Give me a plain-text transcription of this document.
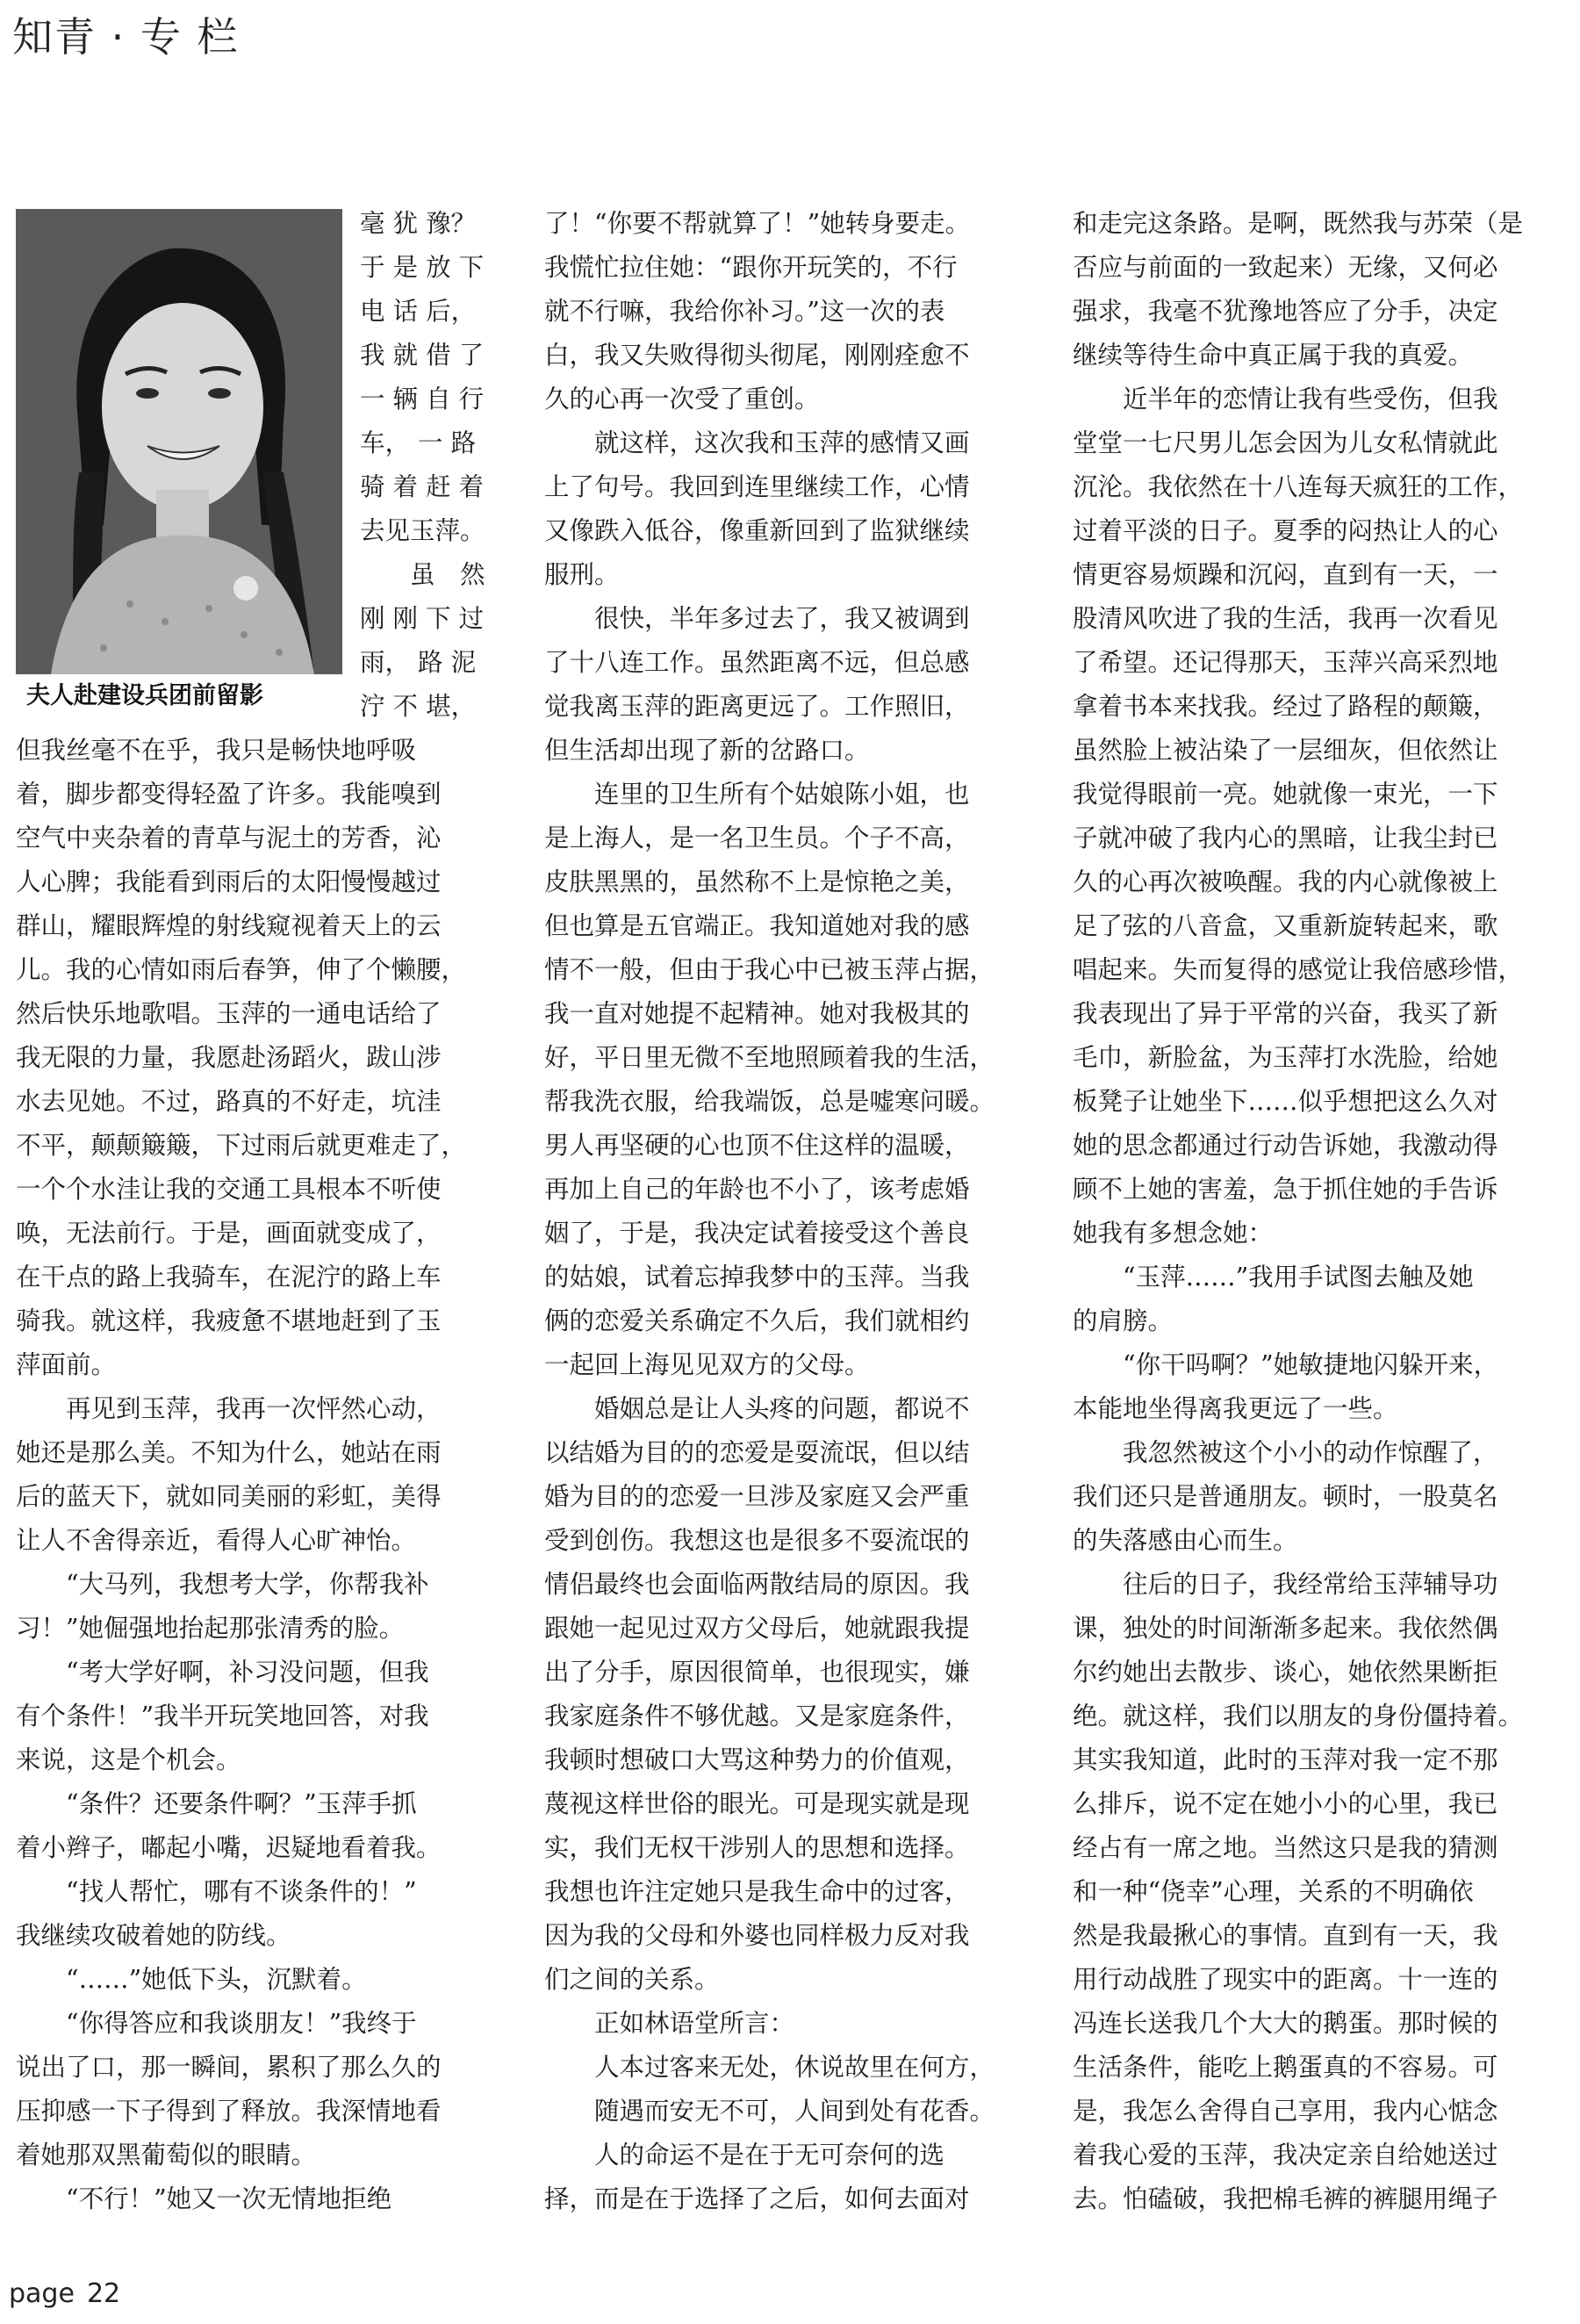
知青 · 专 栏
夫人赴建设兵团前留影
毫 犹 豫？
于 是 放 下
电 话 后，
我 就 借 了
一 辆 自 行
车， 一 路
骑 着 赶 着
去见玉萍。
　　虽　然
刚 刚 下 过
雨， 路 泥
泞 不 堪，
但我丝毫不在乎，我只是畅快地呼吸
着，脚步都变得轻盈了许多。我能嗅到
空气中夹杂着的青草与泥土的芳香，沁
人心脾；我能看到雨后的太阳慢慢越过
群山，耀眼辉煌的射线窥视着天上的云
儿。我的心情如雨后春笋，伸了个懒腰，
然后快乐地歌唱。玉萍的一通电话给了
我无限的力量，我愿赴汤蹈火，跋山涉
水去见她。不过，路真的不好走，坑洼
不平，颠颠簸簸，下过雨后就更难走了，
一个个水洼让我的交通工具根本不听使
唤，无法前行。于是，画面就变成了，
在干点的路上我骑车，在泥泞的路上车
骑我。就这样，我疲惫不堪地赶到了玉
萍面前。
　　再见到玉萍，我再一次怦然心动，
她还是那么美。不知为什么，她站在雨
后的蓝天下，就如同美丽的彩虹，美得
让人不舍得亲近，看得人心旷神怡。
　　“大马列，我想考大学，你帮我补
习！”她倔强地抬起那张清秀的脸。
　　“考大学好啊，补习没问题，但我
有个条件！”我半开玩笑地回答，对我
来说，这是个机会。
　　“条件？还要条件啊？”玉萍手抓
着小辫子，嘟起小嘴，迟疑地看着我。
　　“找人帮忙，哪有不谈条件的！”
我继续攻破着她的防线。
　　“……”她低下头，沉默着。
　　“你得答应和我谈朋友！”我终于
说出了口，那一瞬间，累积了那么久的
压抑感一下子得到了释放。我深情地看
着她那双黑葡萄似的眼睛。
　　“不行！”她又一次无情地拒绝
了！“你要不帮就算了！”她转身要走。
我慌忙拉住她：“跟你开玩笑的，不行
就不行嘛，我给你补习。”这一次的表
白，我又失败得彻头彻尾，刚刚痊愈不
久的心再一次受了重创。
　　就这样，这次我和玉萍的感情又画
上了句号。我回到连里继续工作，心情
又像跌入低谷，像重新回到了监狱继续
服刑。
　　很快，半年多过去了，我又被调到
了十八连工作。虽然距离不远，但总感
觉我离玉萍的距离更远了。工作照旧，
但生活却出现了新的岔路口。
　　连里的卫生所有个姑娘陈小姐，也
是上海人，是一名卫生员。个子不高，
皮肤黑黑的，虽然称不上是惊艳之美，
但也算是五官端正。我知道她对我的感
情不一般，但由于我心中已被玉萍占据，
我一直对她提不起精神。她对我极其的
好，平日里无微不至地照顾着我的生活，
帮我洗衣服，给我端饭，总是嘘寒问暖。
男人再坚硬的心也顶不住这样的温暖，
再加上自己的年龄也不小了，该考虑婚
姻了，于是，我决定试着接受这个善良
的姑娘，试着忘掉我梦中的玉萍。当我
俩的恋爱关系确定不久后，我们就相约
一起回上海见见双方的父母。
　　婚姻总是让人头疼的问题，都说不
以结婚为目的的恋爱是耍流氓，但以结
婚为目的的恋爱一旦涉及家庭又会严重
受到创伤。我想这也是很多不耍流氓的
情侣最终也会面临两散结局的原因。我
跟她一起见过双方父母后，她就跟我提
出了分手，原因很简单，也很现实，嫌
我家庭条件不够优越。又是家庭条件，
我顿时想破口大骂这种势力的价值观，
蔑视这样世俗的眼光。可是现实就是现
实，我们无权干涉别人的思想和选择。
我想也许注定她只是我生命中的过客，
因为我的父母和外婆也同样极力反对我
们之间的关系。
　　正如林语堂所言：
　　人本过客来无处，休说故里在何方，
　　随遇而安无不可，人间到处有花香。
　　人的命运不是在于无可奈何的选
择，而是在于选择了之后，如何去面对
和走完这条路。是啊，既然我与苏荣（是
否应与前面的一致起来）无缘，又何必
强求，我毫不犹豫地答应了分手，决定
继续等待生命中真正属于我的真爱。
　　近半年的恋情让我有些受伤，但我
堂堂一七尺男儿怎会因为儿女私情就此
沉沦。我依然在十八连每天疯狂的工作，
过着平淡的日子。夏季的闷热让人的心
情更容易烦躁和沉闷，直到有一天，一
股清风吹进了我的生活，我再一次看见
了希望。还记得那天，玉萍兴高采烈地
拿着书本来找我。经过了路程的颠簸，
虽然脸上被沾染了一层细灰，但依然让
我觉得眼前一亮。她就像一束光，一下
子就冲破了我内心的黑暗，让我尘封已
久的心再次被唤醒。我的内心就像被上
足了弦的八音盒，又重新旋转起来，歌
唱起来。失而复得的感觉让我倍感珍惜，
我表现出了异于平常的兴奋，我买了新
毛巾，新脸盆，为玉萍打水洗脸，给她
板凳子让她坐下……似乎想把这么久对
她的思念都通过行动告诉她，我激动得
顾不上她的害羞，急于抓住她的手告诉
她我有多想念她：
　　“玉萍……”我用手试图去触及她
的肩膀。
　　“你干吗啊？”她敏捷地闪躲开来，
本能地坐得离我更远了一些。
　　我忽然被这个小小的动作惊醒了，
我们还只是普通朋友。顿时，一股莫名
的失落感由心而生。
　　往后的日子，我经常给玉萍辅导功
课，独处的时间渐渐多起来。我依然偶
尔约她出去散步、谈心，她依然果断拒
绝。就这样，我们以朋友的身份僵持着。
其实我知道，此时的玉萍对我一定不那
么排斥，说不定在她小小的心里，我已
经占有一席之地。当然这只是我的猜测
和一种“侥幸”心理，关系的不明确依
然是我最揪心的事情。直到有一天，我
用行动战胜了现实中的距离。十一连的
冯连长送我几个大大的鹅蛋。那时候的
生活条件，能吃上鹅蛋真的不容易。可
是，我怎么舍得自己享用，我内心惦念
着我心爱的玉萍，我决定亲自给她送过
去。怕磕破，我把棉毛裤的裤腿用绳子
page 22
